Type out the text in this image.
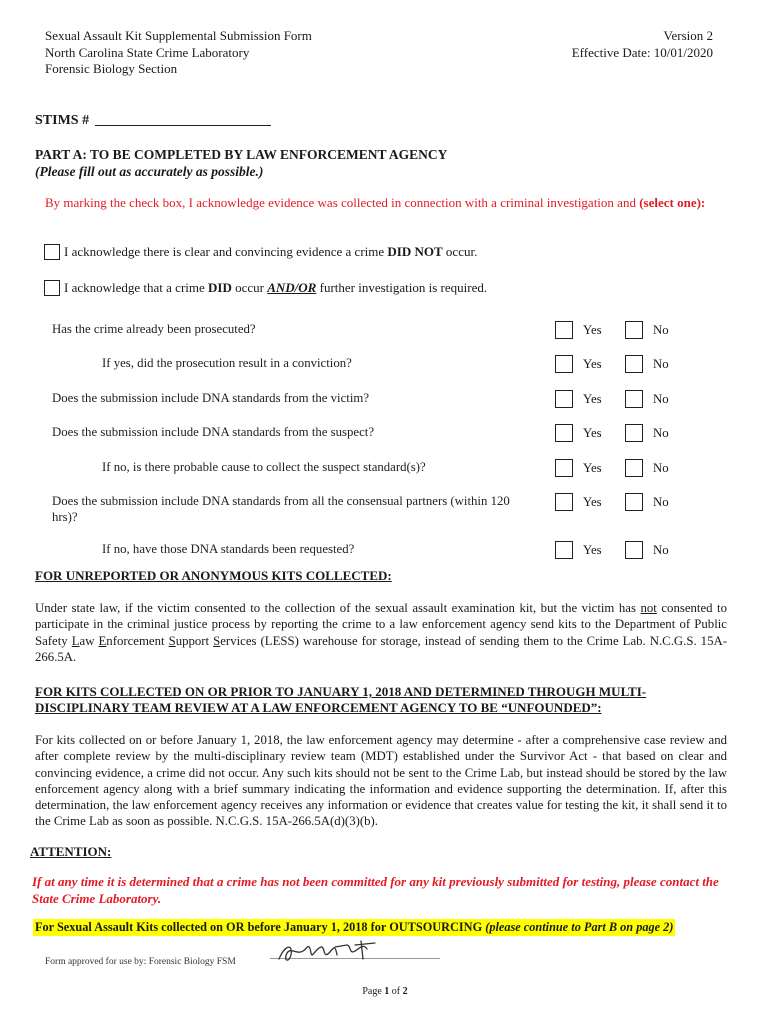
Sexual Assault Kit Supplemental Submission Form
North Carolina State Crime Laboratory
Forensic Biology Section
Version 2
Effective Date: 10/01/2020
STIMS #
PART A: TO BE COMPLETED BY LAW ENFORCEMENT AGENCY
(Please fill out as accurately as possible.)
By marking the check box, I acknowledge evidence was collected in connection with a criminal investigation and (select one):
I acknowledge there is clear and convincing evidence a crime DID NOT occur.
I acknowledge that a crime DID occur AND/OR further investigation is required.
Has the crime already been prosecuted?	Yes	No
If yes, did the prosecution result in a conviction?	Yes	No
Does the submission include DNA standards from the victim?	Yes	No
Does the submission include DNA standards from the suspect?	Yes	No
If no, is there probable cause to collect the suspect standard(s)?	Yes	No
Does the submission include DNA standards from all the consensual partners (within 120 hrs)?
Yes	No
If no, have those DNA standards been requested?	Yes	No
FOR UNREPORTED OR ANONYMOUS KITS COLLECTED:
Under state law, if the victim consented to the collection of the sexual assault examination kit, but the victim has not consented to participate in the criminal justice process by reporting the crime to a law enforcement agency send kits to the Department of Public Safety Law Enforcement Support Services (LESS) warehouse for storage, instead of sending them to the Crime Lab. N.C.G.S. 15A-266.5A.
FOR KITS COLLECTED ON OR PRIOR TO JANUARY 1, 2018 AND DETERMINED THROUGH MULTI-
DISCIPLINARY TEAM REVIEW AT A LAW ENFORCEMENT AGENCY TO BE “UNFOUNDED”:
For kits collected on or before January 1, 2018, the law enforcement agency may determine - after a comprehensive case review and after complete review by the multi-disciplinary review team (MDT) established under the Survivor Act - that based on clear and convincing evidence, a crime did not occur. Any such kits should not be sent to the Crime Lab, but instead should be stored by the law enforcement agency along with a brief summary indicating the information and evidence supporting the determination. If, after this determination, the law enforcement agency receives any information or evidence that creates value for testing the kit, it shall send it to the Crime Lab as soon as possible. N.C.G.S. 15A-266.5A(d)(3)(b).
ATTENTION:
If at any time it is determined that a crime has not been committed for any kit previously submitted for testing, please contact the State Crime Laboratory.
For Sexual Assault Kits collected on OR before January 1, 2018 for OUTSOURCING (please continue to Part B on page 2)
Form approved for use by: Forensic Biology FSM
Page 1 of 2
